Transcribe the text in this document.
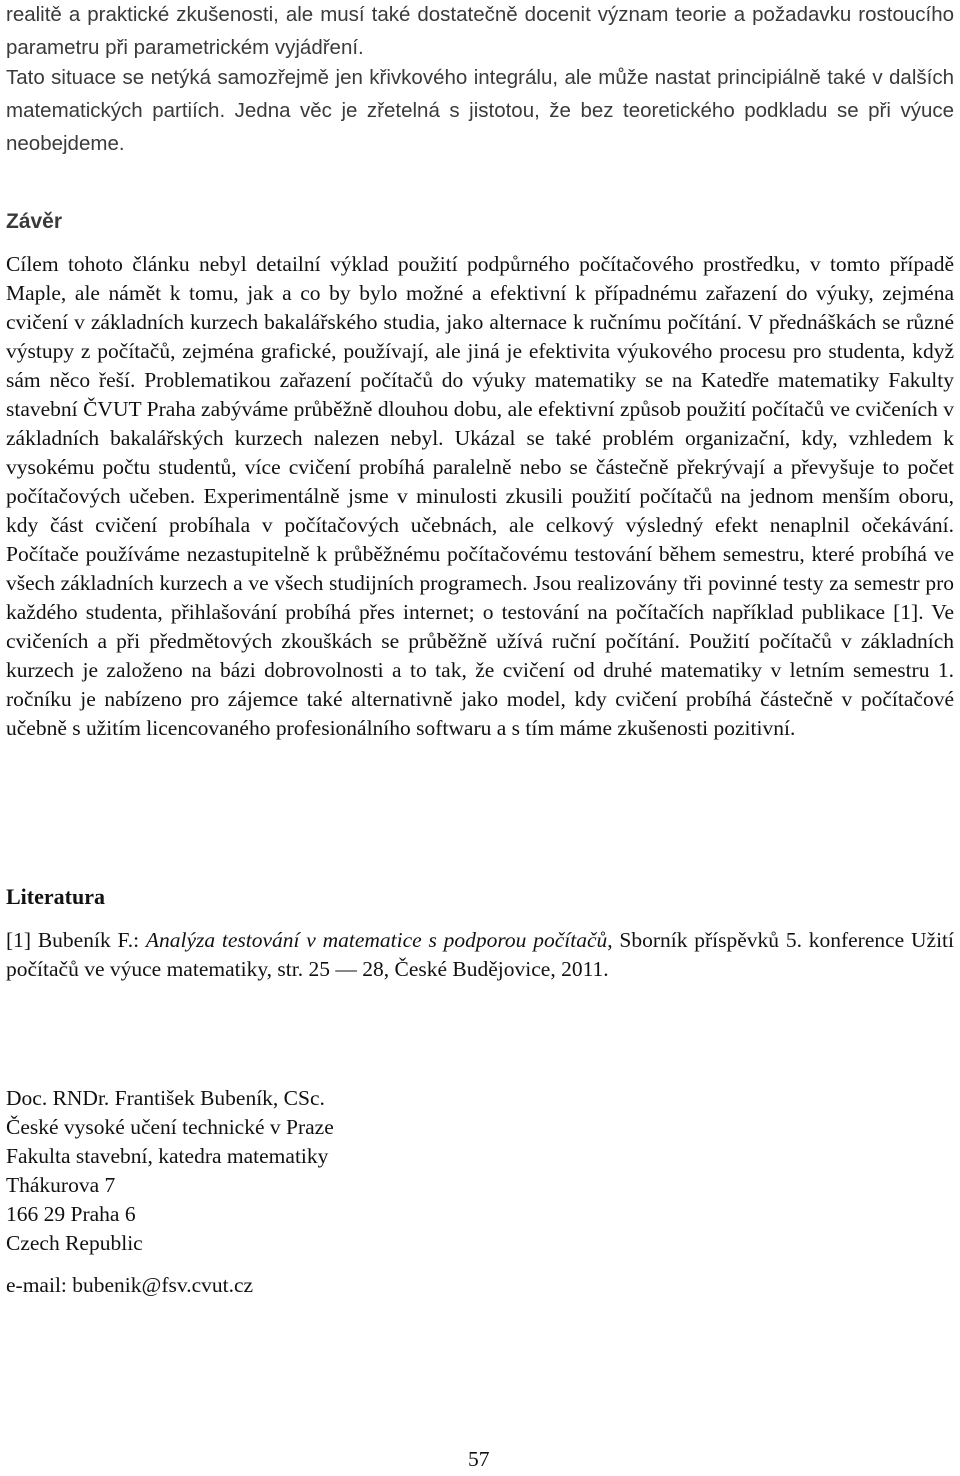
realitě a praktické zkušenosti, ale musí také dostatečně docenit význam teorie a požadavku rostoucího parametru při parametrickém vyjádření.

Tato situace se netýká samozřejmě jen křivkového integrálu, ale může nastat principiálně také v dalších matematických partiích. Jedna věc je zřetelná s jistotou, že bez teoretického podkladu se při výuce neobejdeme.

Závěr

Cílem tohoto článku nebyl detailní výklad použití podpůrného počítačového prostředku, v tomto případě Maple, ale námět k tomu, jak a co by bylo možné a efektivní k případnému zařazení do výuky, zejména cvičení v základních kurzech bakalářského studia, jako alternace k ručnímu počítání. V přednáškách se různé výstupy z počítačů, zejména grafické, používají, ale jiná je efektivita výukového procesu pro studenta, když sám něco řeší. Problematikou zařazení počítačů do výuky matematiky se na Katedře matematiky Fakulty stavební ČVUT Praha zabýváme průběžně dlouhou dobu, ale efektivní způsob použití počítačů ve cvičeních v základních bakalářských kurzech nalezen nebyl. Ukázal se také problém organizační, kdy, vzhledem k vysokému počtu studentů, více cvičení probíhá paralelně nebo se částečně překrývají a převyšuje to počet počítačových učeben. Experimentálně jsme v minulosti zkusili použití počítačů na jednom menším oboru, kdy část cvičení probíhala v počítačových učebnách, ale celkový výsledný efekt nenaplnil očekávání. Počítače používáme nezastupitelně k průběžnému počítačovému testování během semestru, které probíhá ve všech základních kurzech a ve všech studijních programech. Jsou realizovány tři povinné testy za semestr pro každého studenta, přihlašování probíhá přes internet; o testování na počítačích například publikace [1]. Ve cvičeních a při předmětových zkouškách se průběžně užívá ruční počítání. Použití počítačů v základních kurzech je založeno na bázi dobrovolnosti a to tak, že cvičení od druhé matematiky v letním semestru 1. ročníku je nabízeno pro zájemce také alternativně jako model, kdy cvičení probíhá částečně v počítačové učebně s užitím licencovaného profesionálního softwaru a s tím máme zkušenosti pozitivní.

Literatura

[1] Bubeník F.: Analýza testování v matematice s podporou počítačů, Sborník příspěvků 5. konference Užití počítačů ve výuce matematiky, str. 25 — 28, České Budějovice, 2011.

Doc. RNDr. František Bubeník, CSc.
České vysoké učení technické v Praze
Fakulta stavební, katedra matematiky
Thákurova 7
166 29 Praha 6
Czech Republic
e-mail: bubenik@fsv.cvut.cz
57
